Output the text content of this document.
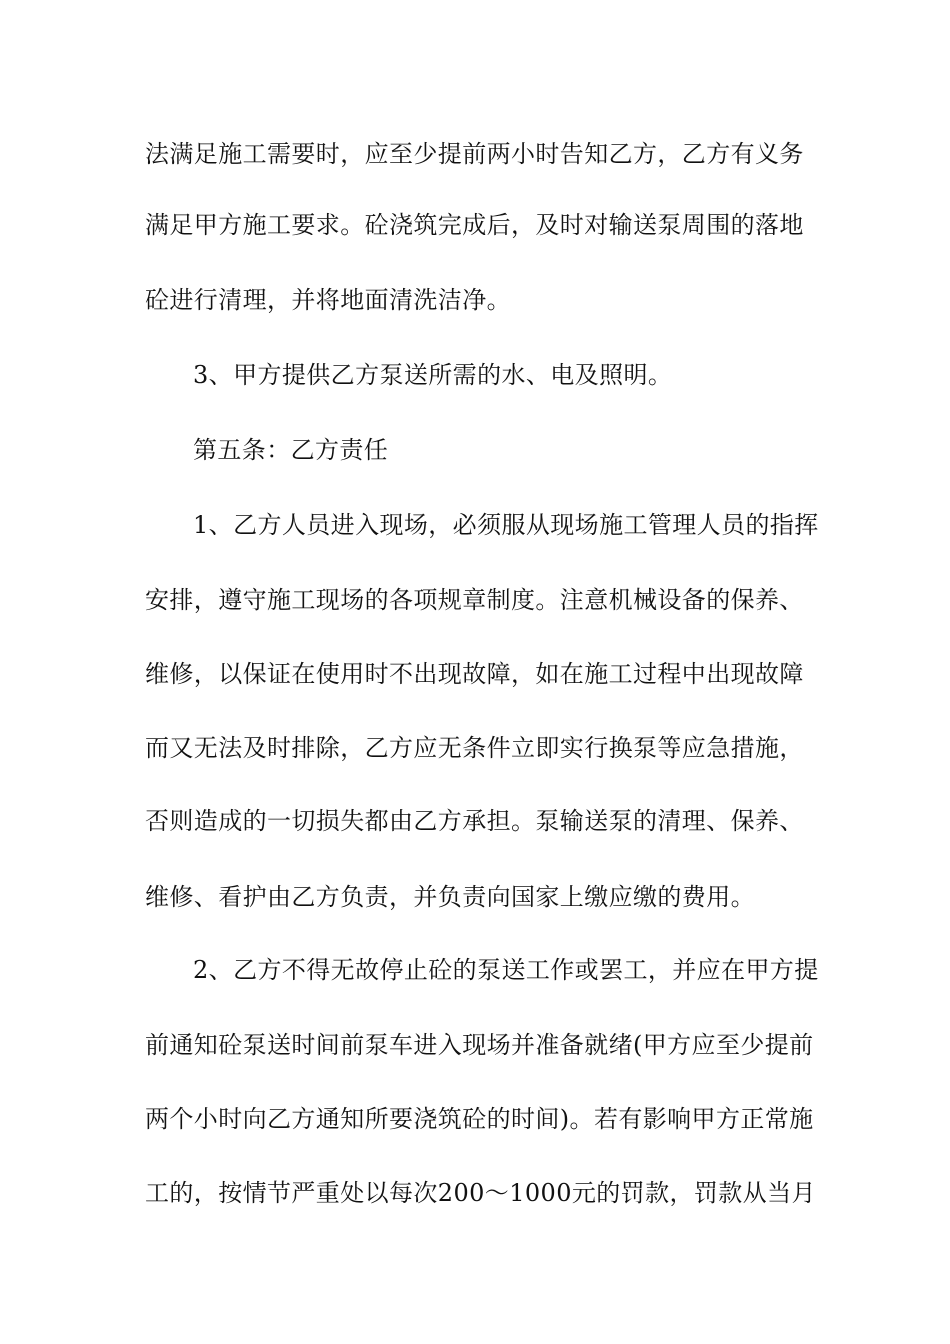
法满足施工需要时，应至少提前两小时告知乙方，乙方有义务
满足甲方施工要求。砼浇筑完成后，及时对输送泵周围的落地
砼进行清理，并将地面清洗洁净。
3、甲方提供乙方泵送所需的水、电及照明。
第五条：乙方责任
1、乙方人员进入现场，必须服从现场施工管理人员的指挥
安排，遵守施工现场的各项规章制度。注意机械设备的保养、
维修，以保证在使用时不出现故障，如在施工过程中出现故障
而又无法及时排除，乙方应无条件立即实行换泵等应急措施，
否则造成的一切损失都由乙方承担。泵输送泵的清理、保养、
维修、看护由乙方负责，并负责向国家上缴应缴的费用。
2、乙方不得无故停止砼的泵送工作或罢工，并应在甲方提
前通知砼泵送时间前泵车进入现场并准备就绪(甲方应至少提前
两个小时向乙方通知所要浇筑砼的时间)。若有影响甲方正常施
工的，按情节严重处以每次200～1000元的罚款，罚款从当月
